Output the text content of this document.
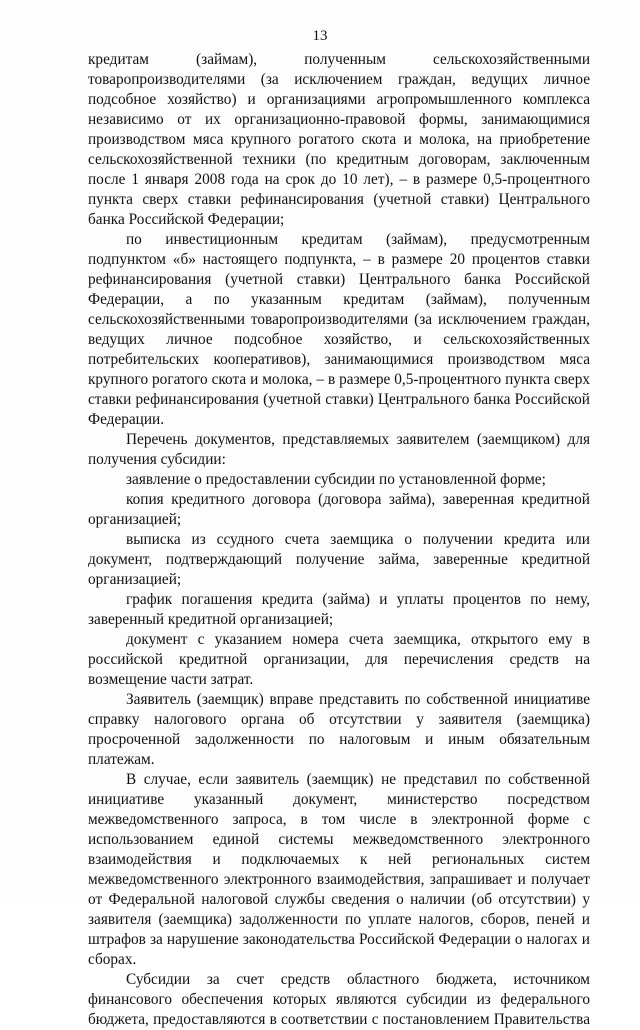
13

кредитам (займам), полученным сельскохозяйственными товаропроизводителями (за исключением граждан, ведущих личное подсобное хозяйство) и организациями агропромышленного комплекса независимо от их организационно-правовой формы, занимающимися производством мяса крупного рогатого скота и молока, на приобретение сельскохозяйственной техники (по кредитным договорам, заключенным после 1 января 2008 года на срок до 10 лет), – в размере 0,5-процентного пункта сверх ставки рефинансирования (учетной ставки) Центрального банка Российской Федерации;

по инвестиционным кредитам (займам), предусмотренным подпунктом «б» настоящего подпункта, – в размере 20 процентов ставки рефинансирования (учетной ставки) Центрального банка Российской Федерации, а по указанным кредитам (займам), полученным сельскохозяйственными товаропроизводителями (за исключением граждан, ведущих личное подсобное хозяйство, и сельскохозяйственных потребительских кооперативов), занимающимися производством мяса крупного рогатого скота и молока, – в размере 0,5-процентного пункта сверх ставки рефинансирования (учетной ставки) Центрального банка Российской Федерации.

Перечень документов, представляемых заявителем (заемщиком) для получения субсидии:

заявление о предоставлении субсидии по установленной форме;

копия кредитного договора (договора займа), заверенная кредитной организацией;

выписка из ссудного счета заемщика о получении кредита или документ, подтверждающий получение займа, заверенные кредитной организацией;

график погашения кредита (займа) и уплаты процентов по нему, заверенный кредитной организацией;

документ с указанием номера счета заемщика, открытого ему в российской кредитной организации, для перечисления средств на возмещение части затрат.

Заявитель (заемщик) вправе представить по собственной инициативе справку налогового органа об отсутствии у заявителя (заемщика) просроченной задолженности по налоговым и иным обязательным платежам.

В случае, если заявитель (заемщик) не представил по собственной инициативе указанный документ, министерство посредством межведомственного запроса, в том числе в электронной форме с использованием единой системы межведомственного электронного взаимодействия и подключаемых к ней региональных систем межведомственного электронного взаимодействия, запрашивает и получает от Федеральной налоговой службы сведения о наличии (об отсутствии) у заявителя (заемщика) задолженности по уплате налогов, сборов, пеней и штрафов за нарушение законодательства Российской Федерации о налогах и сборах.

Субсидии за счет средств областного бюджета, источником финансового обеспечения которых являются субсидии из федерального бюджета, предоставляются в соответствии с постановлением Правительства
